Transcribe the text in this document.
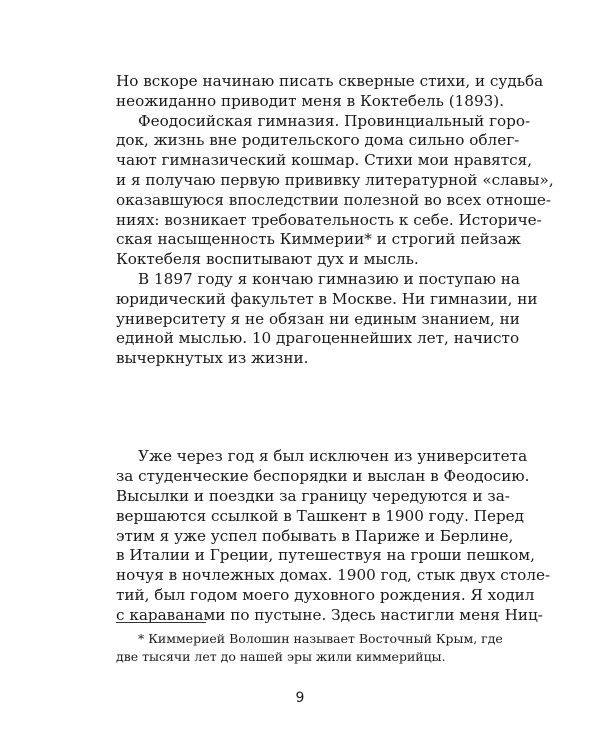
Но вскоре начинаю писать скверные стихи, и судьба
неожиданно приводит меня в Коктебель (1893).
Феодосийская гимназия. Провинциальный горо-
док, жизнь вне родительского дома сильно облег-
чают гимназический кошмар. Стихи мои нравятся,
и я получаю первую прививку литературной «славы»,
оказавшуюся впоследствии полезной во всех отноше-
ниях: возникает требовательность к себе. Историче-
ская насыщенность Киммерии* и строгий пейзаж
Коктебеля воспитывают дух и мысль.
В 1897 году я кончаю гимназию и поступаю на
юридический факультет в Москве. Ни гимназии, ни
университету я не обязан ни единым знанием, ни
единой мыслью. 10 драгоценнейших лет, начисто
вычеркнутых из жизни.
Уже через год я был исключен из университета
за студенческие беспорядки и выслан в Феодосию.
Высылки и поездки за границу чередуются и за-
вершаются ссылкой в Ташкент в 1900 году. Перед
этим я уже успел побывать в Париже и Берлине,
в Италии и Греции, путешествуя на гроши пешком,
ночуя в ночлежных домах. 1900 год, стык двух столе-
тий, был годом моего духовного рождения. Я ходил
с караванами по пустыне. Здесь настигли меня Ниц-
* Киммерией Волошин называет Восточный Крым, где
две тысячи лет до нашей эры жили киммерийцы.
9
